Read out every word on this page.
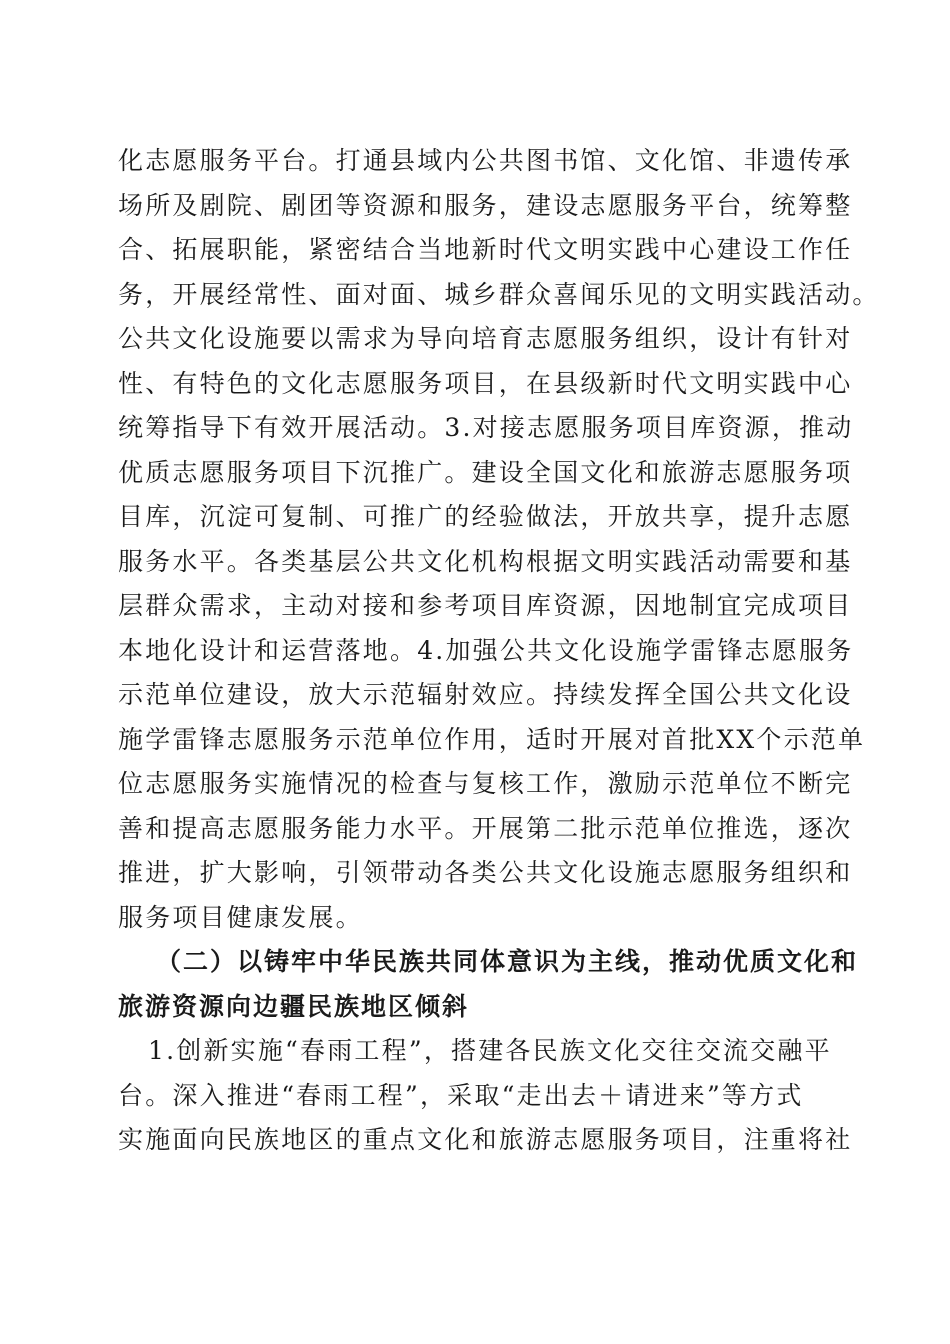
化志愿服务平台。打通县域内公共图书馆、文化馆、非遗传承
场所及剧院、剧团等资源和服务，建设志愿服务平台，统筹整
合、拓展职能，紧密结合当地新时代文明实践中心建设工作任
务，开展经常性、面对面、城乡群众喜闻乐见的文明实践活动。
公共文化设施要以需求为导向培育志愿服务组织，设计有针对
性、有特色的文化志愿服务项目，在县级新时代文明实践中心
统筹指导下有效开展活动。3.对接志愿服务项目库资源，推动
优质志愿服务项目下沉推广。建设全国文化和旅游志愿服务项
目库，沉淀可复制、可推广的经验做法，开放共享，提升志愿
服务水平。各类基层公共文化机构根据文明实践活动需要和基
层群众需求，主动对接和参考项目库资源，因地制宜完成项目
本地化设计和运营落地。4.加强公共文化设施学雷锋志愿服务
示范单位建设，放大示范辐射效应。持续发挥全国公共文化设
施学雷锋志愿服务示范单位作用，适时开展对首批XX个示范单
位志愿服务实施情况的检查与复核工作，激励示范单位不断完
善和提高志愿服务能力水平。开展第二批示范单位推选，逐次
推进，扩大影响，引领带动各类公共文化设施志愿服务组织和
服务项目健康发展。
（二）以铸牢中华民族共同体意识为主线，推动优质文化和
旅游资源向边疆民族地区倾斜
1.创新实施“春雨工程”，搭建各民族文化交往交流交融平
台。深入推进“春雨工程”，采取“走出去＋请进来”等方式
实施面向民族地区的重点文化和旅游志愿服务项目，注重将社
